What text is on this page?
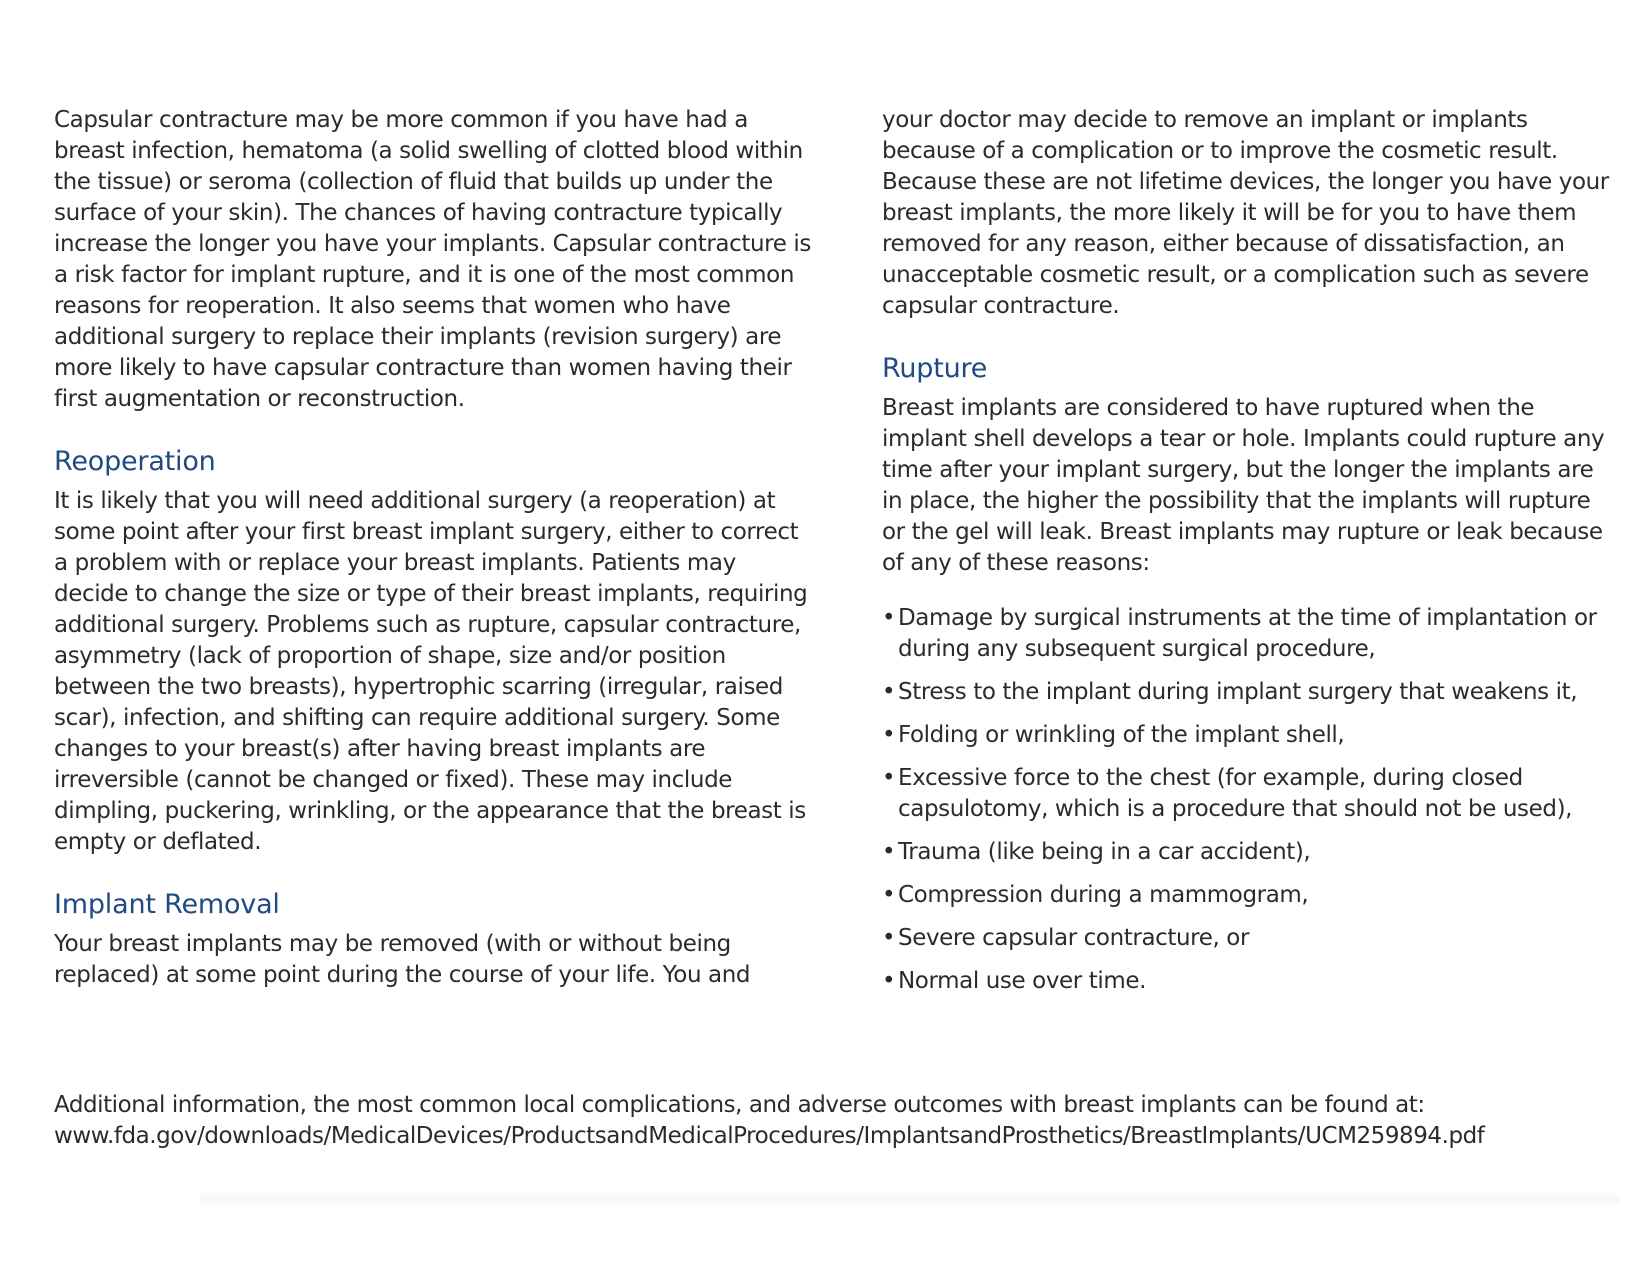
Capsular contracture may be more common if you have had a breast infection, hematoma (a solid swelling of clotted blood within the tissue) or seroma (collection of fluid that builds up under the surface of your skin). The chances of having contracture typically increase the longer you have your implants. Capsular contracture is a risk factor for implant rupture, and it is one of the most common reasons for reoperation. It also seems that women who have additional surgery to replace their implants (revision surgery) are more likely to have capsular contracture than women having their first augmentation or reconstruction.

Reoperation

It is likely that you will need additional surgery (a reoperation) at some point after your first breast implant surgery, either to correct a problem with or replace your breast implants. Patients may decide to change the size or type of their breast implants, requiring additional surgery. Problems such as rupture, capsular contracture, asymmetry (lack of proportion of shape, size and/or position between the two breasts), hypertrophic scarring (irregular, raised scar), infection, and shifting can require additional surgery. Some changes to your breast(s) after having breast implants are irreversible (cannot be changed or fixed). These may include dimpling, puckering, wrinkling, or the appearance that the breast is empty or deflated.

Implant Removal

Your breast implants may be removed (with or without being replaced) at some point during the course of your life. You and

your doctor may decide to remove an implant or implants because of a complication or to improve the cosmetic result. Because these are not lifetime devices, the longer you have your breast implants, the more likely it will be for you to have them removed for any reason, either because of dissatisfaction, an unacceptable cosmetic result, or a complication such as severe capsular contracture.

Rupture

Breast implants are considered to have ruptured when the implant shell develops a tear or hole. Implants could rupture any time after your implant surgery, but the longer the implants are in place, the higher the possibility that the implants will rupture or the gel will leak. Breast implants may rupture or leak because of any of these reasons:

• Damage by surgical instruments at the time of implantation or during any subsequent surgical procedure,
• Stress to the implant during implant surgery that weakens it,
• Folding or wrinkling of the implant shell,
• Excessive force to the chest (for example, during closed capsulotomy, which is a procedure that should not be used),
• Trauma (like being in a car accident),
• Compression during a mammogram,
• Severe capsular contracture, or
• Normal use over time.

Additional information, the most common local complications, and adverse outcomes with breast implants can be found at:

www.fda.gov/downloads/MedicalDevices/ProductsandMedicalProcedures/ImplantsandProsthetics/BreastImplants/UCM259894.pdf
